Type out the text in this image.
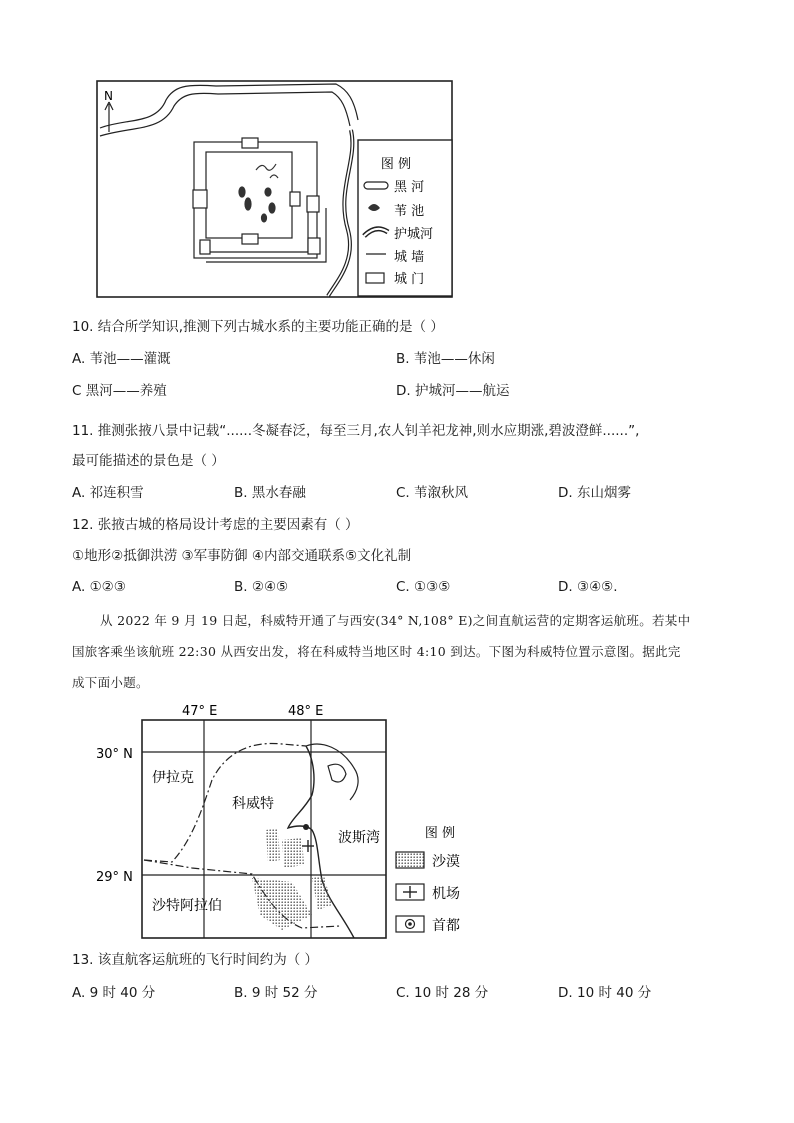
N
图 例
黑 河
苇 池
护城河
城 墙
城 门
10. 结合所学知识,推测下列古城水系的主要功能正确的是（ ）
A. 苇池——灌溉	B. 苇池——休闲
C 黑河——养殖	D. 护城河——航运
11. 推测张掖八景中记载“......冬凝春泛，每至三月,农人钊羊祀龙神,则水应期涨,碧波澄鲜......”,
最可能描述的景色是（ ）
A. 祁连积雪	B. 黑水春融	C. 苇溆秋风	D. 东山烟雾
12. 张掖古城的格局设计考虑的主要因素有（ ）
①地形②抵御洪涝 ③军事防御 ④内部交通联系⑤文化礼制
A. ①②③	B. ②④⑤	C. ①③⑤	D. ③④⑤.
从 2022 年 9 月 19 日起，科威特开通了与西安(34° N,108° E)之间直航运营的定期客运航班。若某中
国旅客乘坐该航班 22:30 从西安出发，将在科威特当地区时 4:10 到达。下图为科威特位置示意图。据此完
成下面小题。
47° E	48° E
30° N
29° N
伊拉克
科威特
波斯湾
沙特阿拉伯
图 例
沙漠
机场
首都
13. 该直航客运航班的飞行时间约为（ ）
A. 9 时 40 分	B. 9 时 52 分	C. 10 时 28 分	D. 10 时 40 分
